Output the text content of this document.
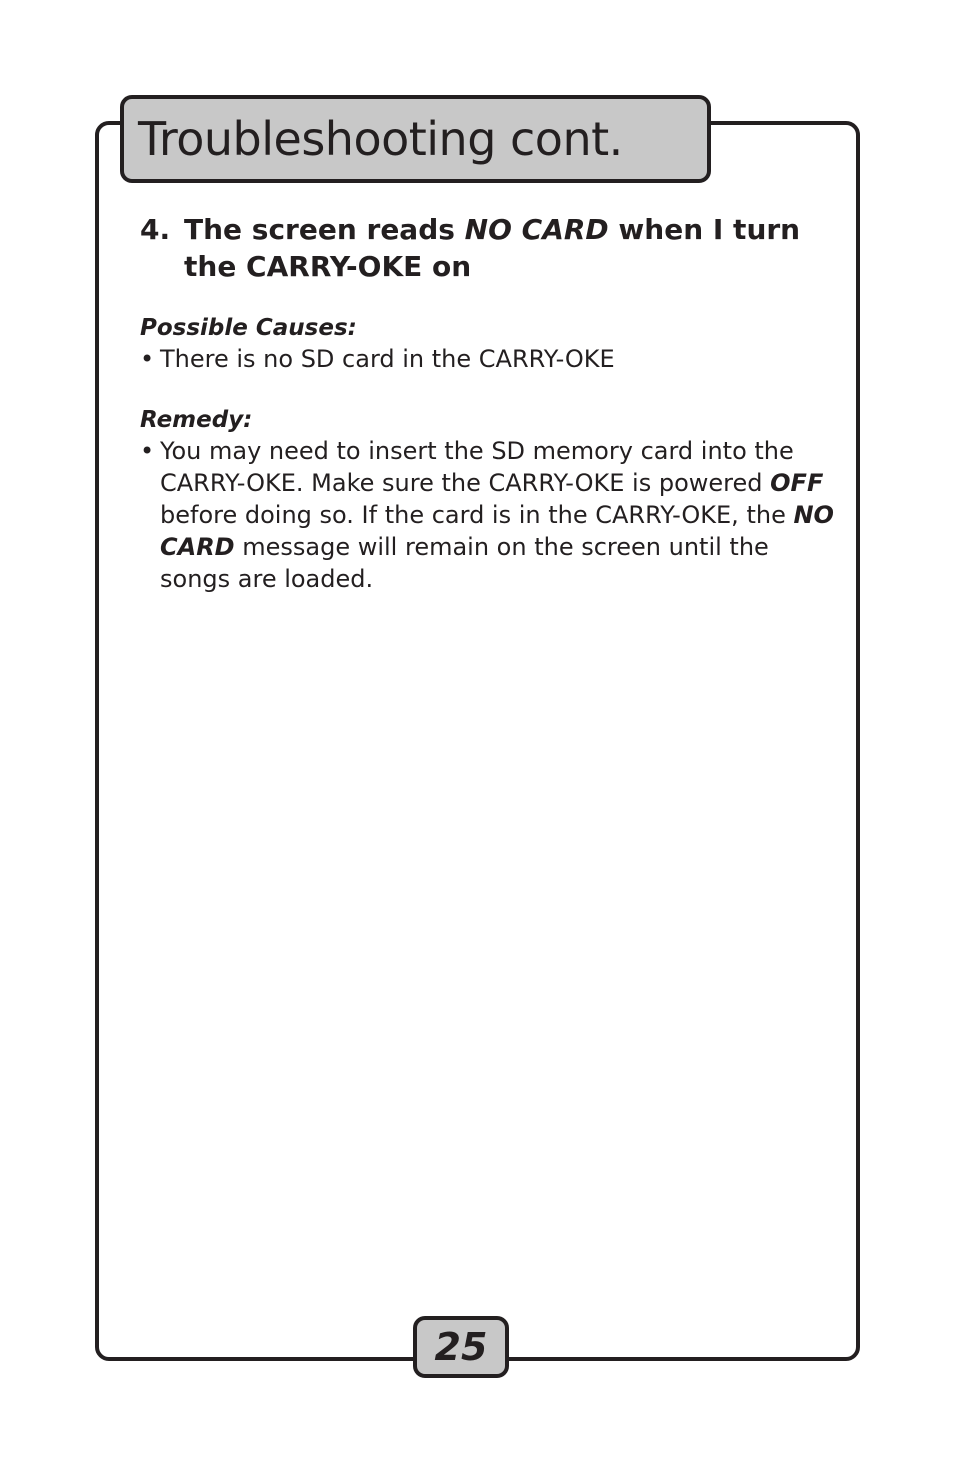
Troubleshooting cont.
4. The screen reads NO CARD when I turn the CARRY-OKE on
Possible Causes:
• There is no SD card in the CARRY-OKE
Remedy:
• You may need to insert the SD memory card into the CARRY-OKE. Make sure the CARRY-OKE is powered OFF before doing so. If the card is in the CARRY-OKE, the NO CARD message will remain on the screen until the songs are loaded.
25
